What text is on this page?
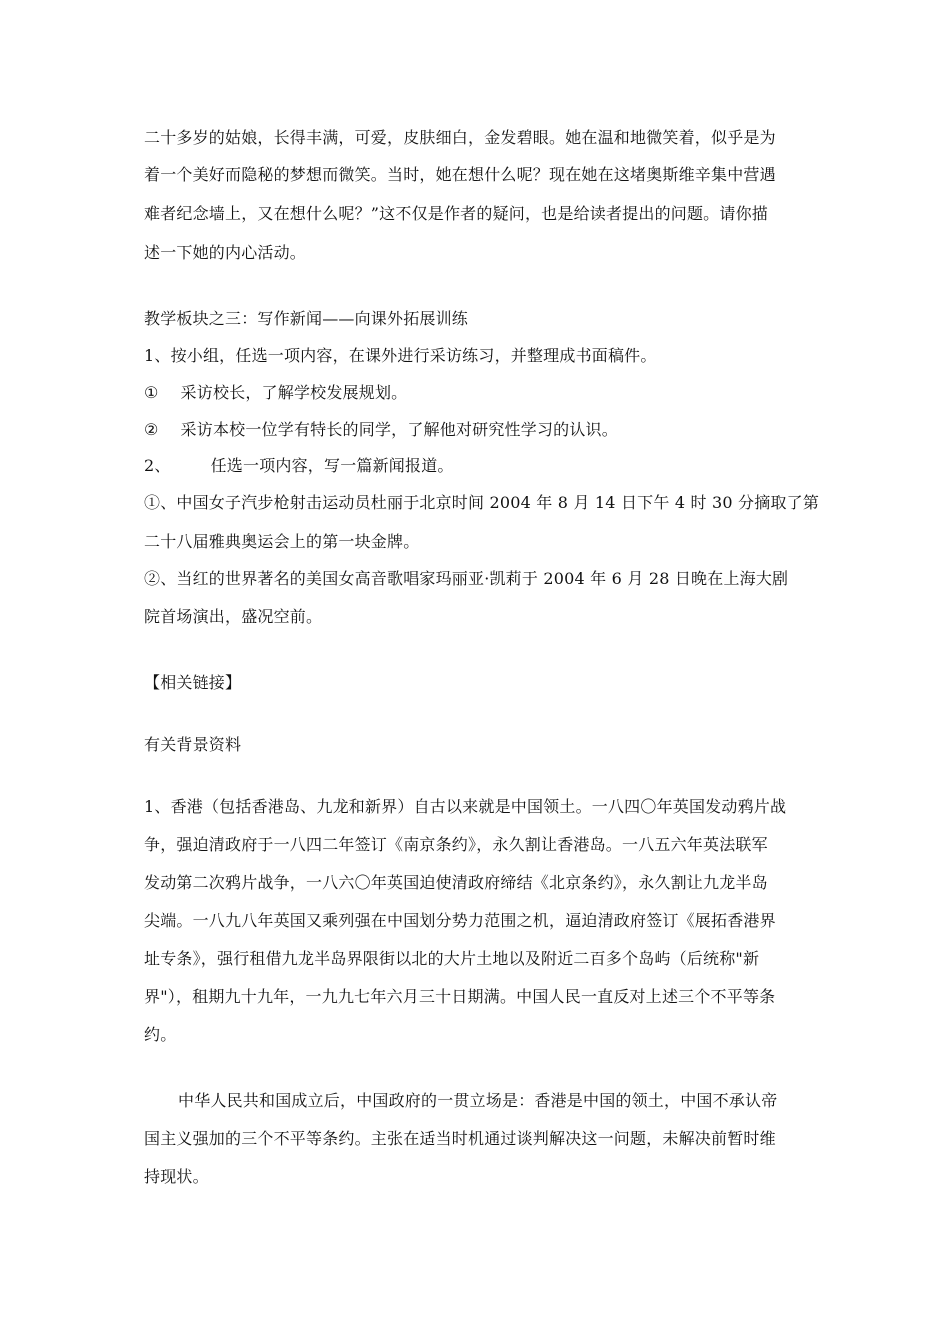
二十多岁的姑娘，长得丰满，可爱，皮肤细白，金发碧眼。她在温和地微笑着，似乎是为
着一个美好而隐秘的梦想而微笑。当时，她在想什么呢？现在她在这堵奥斯维辛集中营遇
难者纪念墙上，又在想什么呢？”这不仅是作者的疑问，也是给读者提出的问题。请你描
述一下她的内心活动。
教学板块之三：写作新闻——向课外拓展训练
1、按小组，任选一项内容，在课外进行采访练习，并整理成书面稿件。
① 采访校长，了解学校发展规划。
② 采访本校一位学有特长的同学，了解他对研究性学习的认识。
2、	任选一项内容，写一篇新闻报道。
①、中国女子汽步枪射击运动员杜丽于北京时间 2004 年 8 月 14 日下午 4 时 30 分摘取了第
二十八届雅典奥运会上的第一块金牌。
②、当红的世界著名的美国女高音歌唱家玛丽亚·凯莉于 2004 年 6 月 28 日晚在上海大剧
院首场演出，盛况空前。
【相关链接】
有关背景资料
1、香港（包括香港岛、九龙和新界）自古以来就是中国领土。一八四〇年英国发动鸦片战
争，强迫清政府于一八四二年签订《南京条约》，永久割让香港岛。一八五六年英法联军
发动第二次鸦片战争，一八六〇年英国迫使清政府缔结《北京条约》，永久割让九龙半岛
尖端。一八九八年英国又乘列强在中国划分势力范围之机，逼迫清政府签订《展拓香港界
址专条》，强行租借九龙半岛界限街以北的大片土地以及附近二百多个岛屿（后统称"新
界"），租期九十九年，一九九七年六月三十日期满。中国人民一直反对上述三个不平等条
约。
中华人民共和国成立后，中国政府的一贯立场是：香港是中国的领土，中国不承认帝
国主义强加的三个不平等条约。主张在适当时机通过谈判解决这一问题，未解决前暂时维
持现状。
